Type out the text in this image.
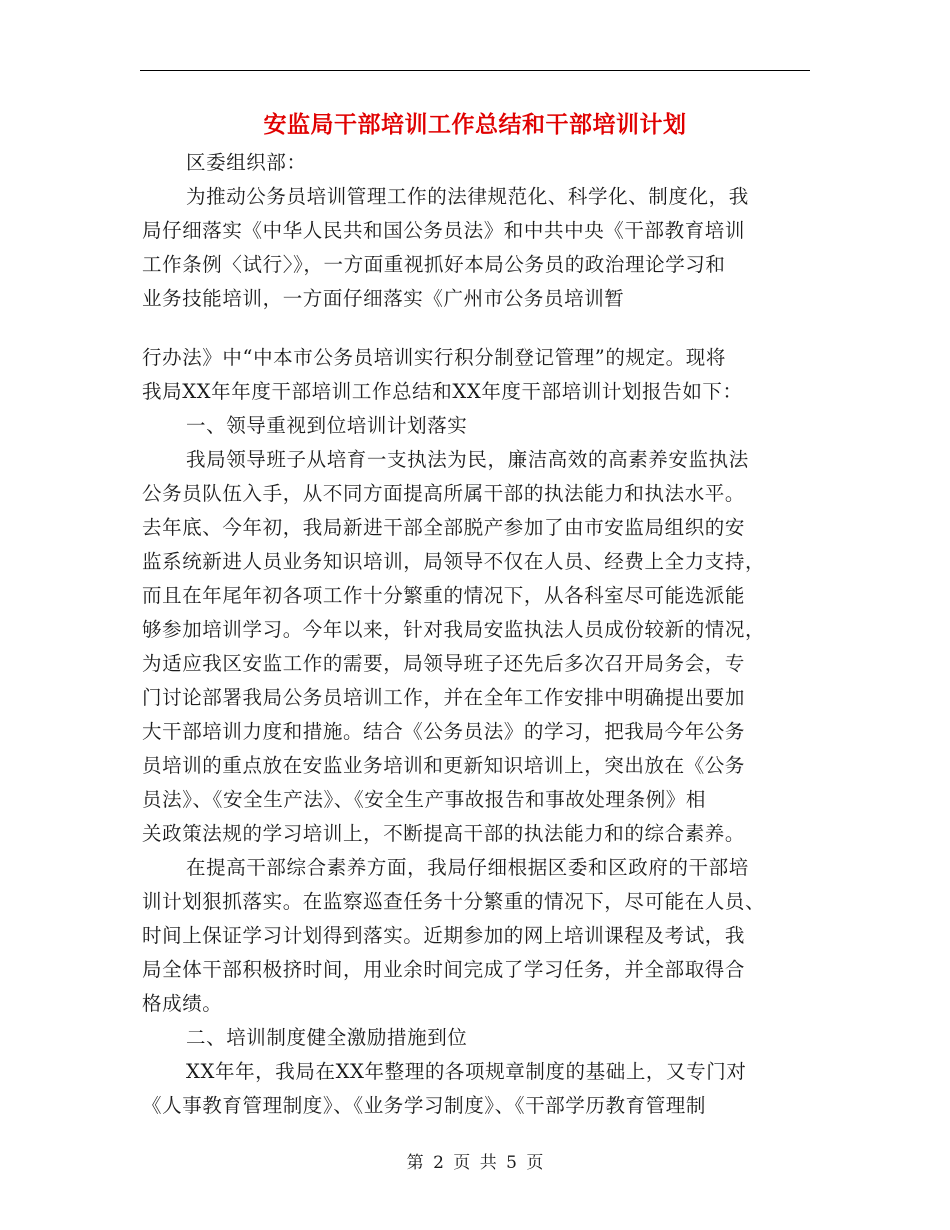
安监局干部培训工作总结和干部培训计划
区委组织部：
为推动公务员培训管理工作的法律规范化、科学化、制度化，我
局仔细落实《中华人民共和国公务员法》和中共中央《干部教育培训
工作条例〈试行〉》，一方面重视抓好本局公务员的政治理论学习和
业务技能培训，一方面仔细落实《广州市公务员培训暂
行办法》中“中本市公务员培训实行积分制登记管理”的规定。现将
我局XX年年度干部培训工作总结和XX年度干部培训计划报告如下：
一、领导重视到位培训计划落实
我局领导班子从培育一支执法为民，廉洁高效的高素养安监执法
公务员队伍入手，从不同方面提高所属干部的执法能力和执法水平。
去年底、今年初，我局新进干部全部脱产参加了由市安监局组织的安
监系统新进人员业务知识培训，局领导不仅在人员、经费上全力支持，
而且在年尾年初各项工作十分繁重的情况下，从各科室尽可能选派能
够参加培训学习。今年以来，针对我局安监执法人员成份较新的情况，
为适应我区安监工作的需要，局领导班子还先后多次召开局务会，专
门讨论部署我局公务员培训工作，并在全年工作安排中明确提出要加
大干部培训力度和措施。结合《公务员法》的学习，把我局今年公务
员培训的重点放在安监业务培训和更新知识培训上，突出放在《公务
员法》、《安全生产法》、《安全生产事故报告和事故处理条例》相
关政策法规的学习培训上，不断提高干部的执法能力和的综合素养。
在提高干部综合素养方面，我局仔细根据区委和区政府的干部培
训计划狠抓落实。在监察巡查任务十分繁重的情况下，尽可能在人员、
时间上保证学习计划得到落实。近期参加的网上培训课程及考试，我
局全体干部积极挤时间，用业余时间完成了学习任务，并全部取得合
格成绩。
二、培训制度健全激励措施到位
XX年年，我局在XX年整理的各项规章制度的基础上，又专门对
《人事教育管理制度》、《业务学习制度》、《干部学历教育管理制
第 2 页 共 5 页
